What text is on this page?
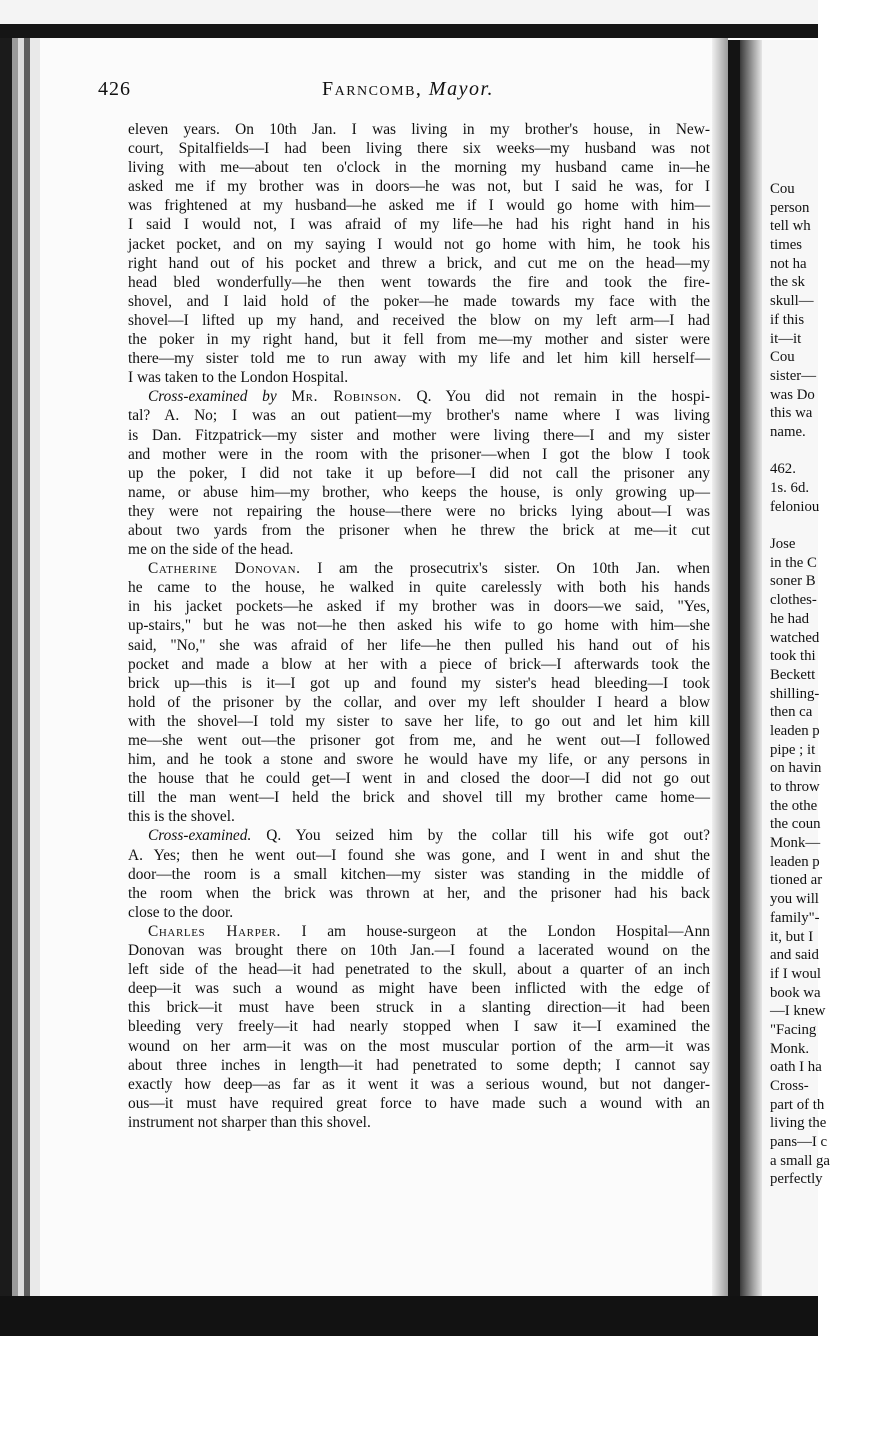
Cou
person
tell wh
times
not ha
the sk
skull—
if this
it—it
Cou
sister—
was Do
this wa
name.
462.
1s. 6d.
feloniou
Jose
in the C
soner B
clothes-
he had
watched
took thi
Beckett
shilling-
then ca
leaden p
pipe ; it
on havin
to throw
the othe
the coun
Monk—
leaden p
tioned ar
you will
family"-
it, but I
and said
if I woul
book wa
—I knew
"Facing
Monk.
oath I ha
Cross-
part of th
living the
pans—I c
a small ga
perfectly
426	Farncomb, Mayor.
eleven years. On 10th Jan. I was living in my brother's house, in New-
court, Spitalfields—I had been living there six weeks—my husband was not
living with me—about ten o'clock in the morning my husband came in—he
asked me if my brother was in doors—he was not, but I said he was, for I
was frightened at my husband—he asked me if I would go home with him—
I said I would not, I was afraid of my life—he had his right hand in his
jacket pocket, and on my saying I would not go home with him, he took his
right hand out of his pocket and threw a brick, and cut me on the head—my
head bled wonderfully—he then went towards the fire and took the fire-
shovel, and I laid hold of the poker—he made towards my face with the
shovel—I lifted up my hand, and received the blow on my left arm—I had
the poker in my right hand, but it fell from me—my mother and sister were
there—my sister told me to run away with my life and let him kill herself—
I was taken to the London Hospital.
Cross-examined by Mr. Robinson. Q. You did not remain in the hospi-
tal? A. No; I was an out patient—my brother's name where I was living
is Dan. Fitzpatrick—my sister and mother were living there—I and my sister
and mother were in the room with the prisoner—when I got the blow I took
up the poker, I did not take it up before—I did not call the prisoner any
name, or abuse him—my brother, who keeps the house, is only growing up—
they were not repairing the house—there were no bricks lying about—I was
about two yards from the prisoner when he threw the brick at me—it cut
me on the side of the head.
Catherine Donovan. I am the prosecutrix's sister. On 10th Jan. when
he came to the house, he walked in quite carelessly with both his hands
in his jacket pockets—he asked if my brother was in doors—we said, "Yes,
up-stairs," but he was not—he then asked his wife to go home with him—she
said, "No," she was afraid of her life—he then pulled his hand out of his
pocket and made a blow at her with a piece of brick—I afterwards took the
brick up—this is it—I got up and found my sister's head bleeding—I took
hold of the prisoner by the collar, and over my left shoulder I heard a blow
with the shovel—I told my sister to save her life, to go out and let him kill
me—she went out—the prisoner got from me, and he went out—I followed
him, and he took a stone and swore he would have my life, or any persons in
the house that he could get—I went in and closed the door—I did not go out
till the man went—I held the brick and shovel till my brother came home—
this is the shovel.
Cross-examined. Q. You seized him by the collar till his wife got out?
A. Yes; then he went out—I found she was gone, and I went in and shut the
door—the room is a small kitchen—my sister was standing in the middle of
the room when the brick was thrown at her, and the prisoner had his back
close to the door.
Charles Harper. I am house-surgeon at the London Hospital—Ann
Donovan was brought there on 10th Jan.—I found a lacerated wound on the
left side of the head—it had penetrated to the skull, about a quarter of an inch
deep—it was such a wound as might have been inflicted with the edge of
this brick—it must have been struck in a slanting direction—it had been
bleeding very freely—it had nearly stopped when I saw it—I examined the
wound on her arm—it was on the most muscular portion of the arm—it was
about three inches in length—it had penetrated to some depth; I cannot say
exactly how deep—as far as it went it was a serious wound, but not danger-
ous—it must have required great force to have made such a wound with an
instrument not sharper than this shovel.
